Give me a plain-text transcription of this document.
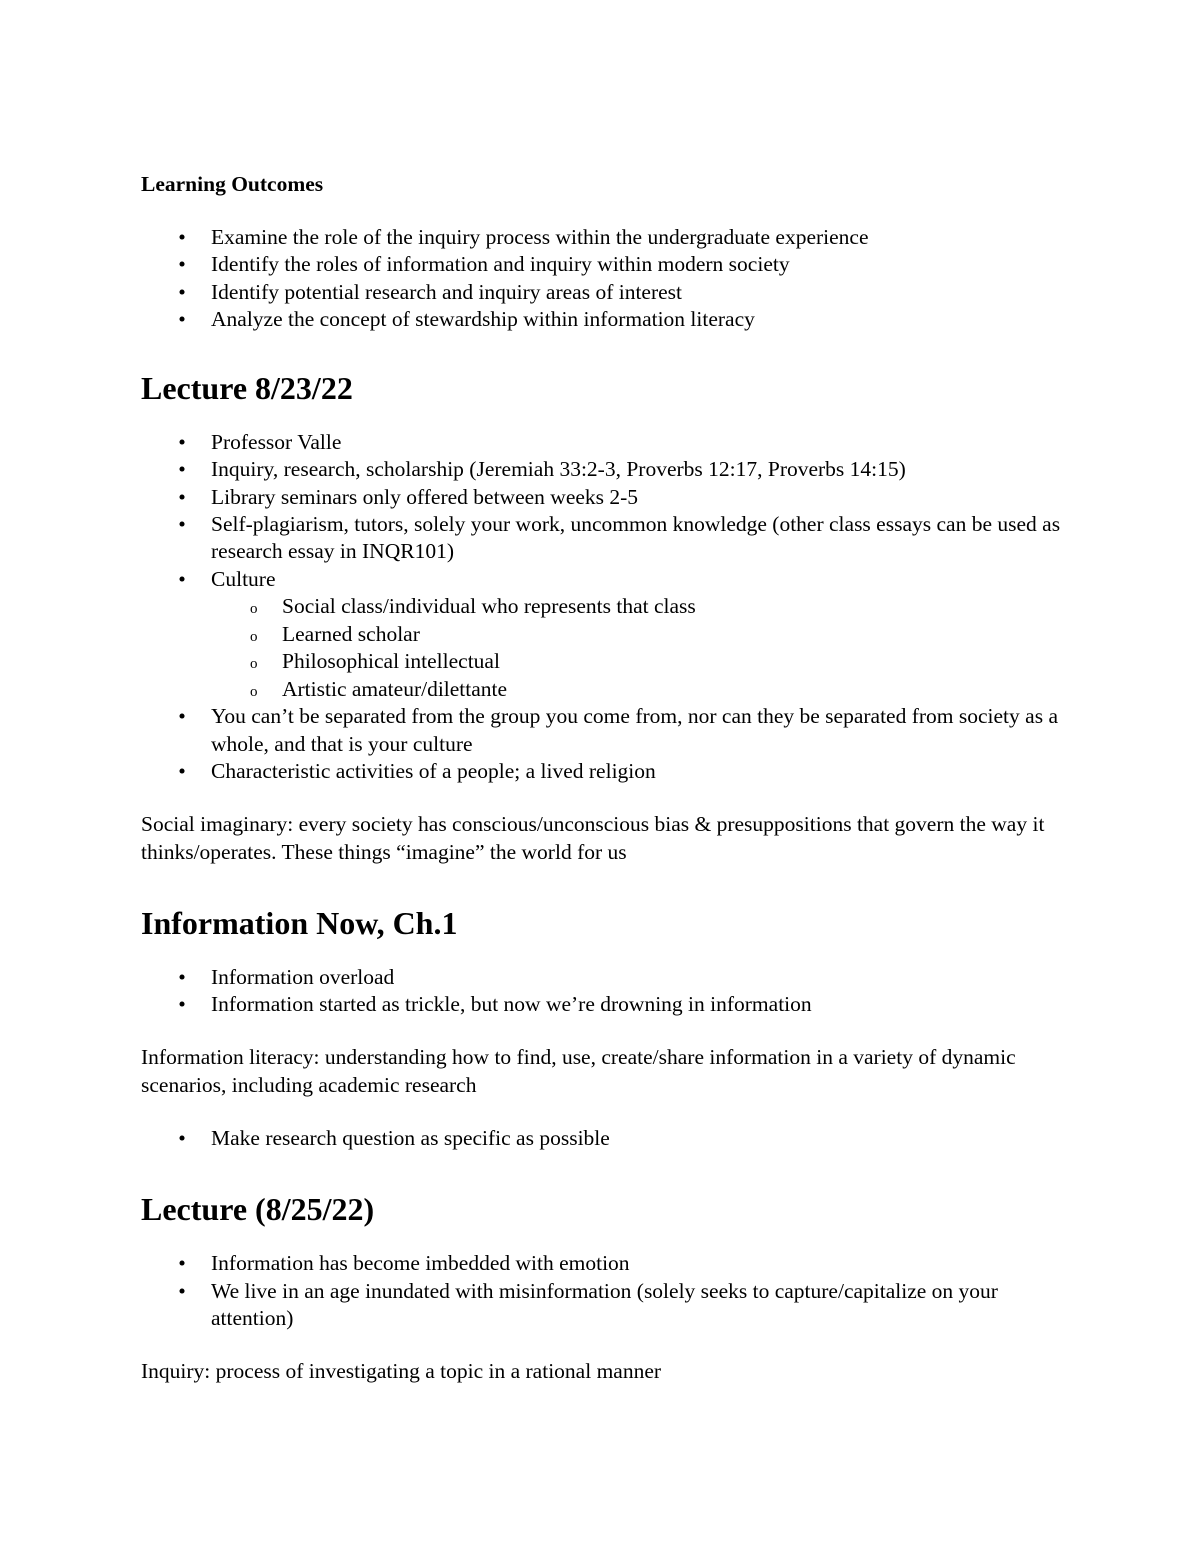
Learning Outcomes
• Examine the role of the inquiry process within the undergraduate experience
• Identify the roles of information and inquiry within modern society
• Identify potential research and inquiry areas of interest
• Analyze the concept of stewardship within information literacy
Lecture 8/23/22
• Professor Valle
• Inquiry, research, scholarship (Jeremiah 33:2-3, Proverbs 12:17, Proverbs 14:15)
• Library seminars only offered between weeks 2-5
• Self-plagiarism, tutors, solely your work, uncommon knowledge (other class essays can be used as research essay in INQR101)
• Culture
o Social class/individual who represents that class
o Learned scholar
o Philosophical intellectual
o Artistic amateur/dilettante
• You can’t be separated from the group you come from, nor can they be separated from society as a whole, and that is your culture
• Characteristic activities of a people; a lived religion
Social imaginary: every society has conscious/unconscious bias & presuppositions that govern the way it thinks/operates. These things “imagine” the world for us
Information Now, Ch.1
• Information overload
• Information started as trickle, but now we’re drowning in information
Information literacy: understanding how to find, use, create/share information in a variety of dynamic scenarios, including academic research
• Make research question as specific as possible
Lecture (8/25/22)
• Information has become imbedded with emotion
• We live in an age inundated with misinformation (solely seeks to capture/capitalize on your attention)
Inquiry: process of investigating a topic in a rational manner
